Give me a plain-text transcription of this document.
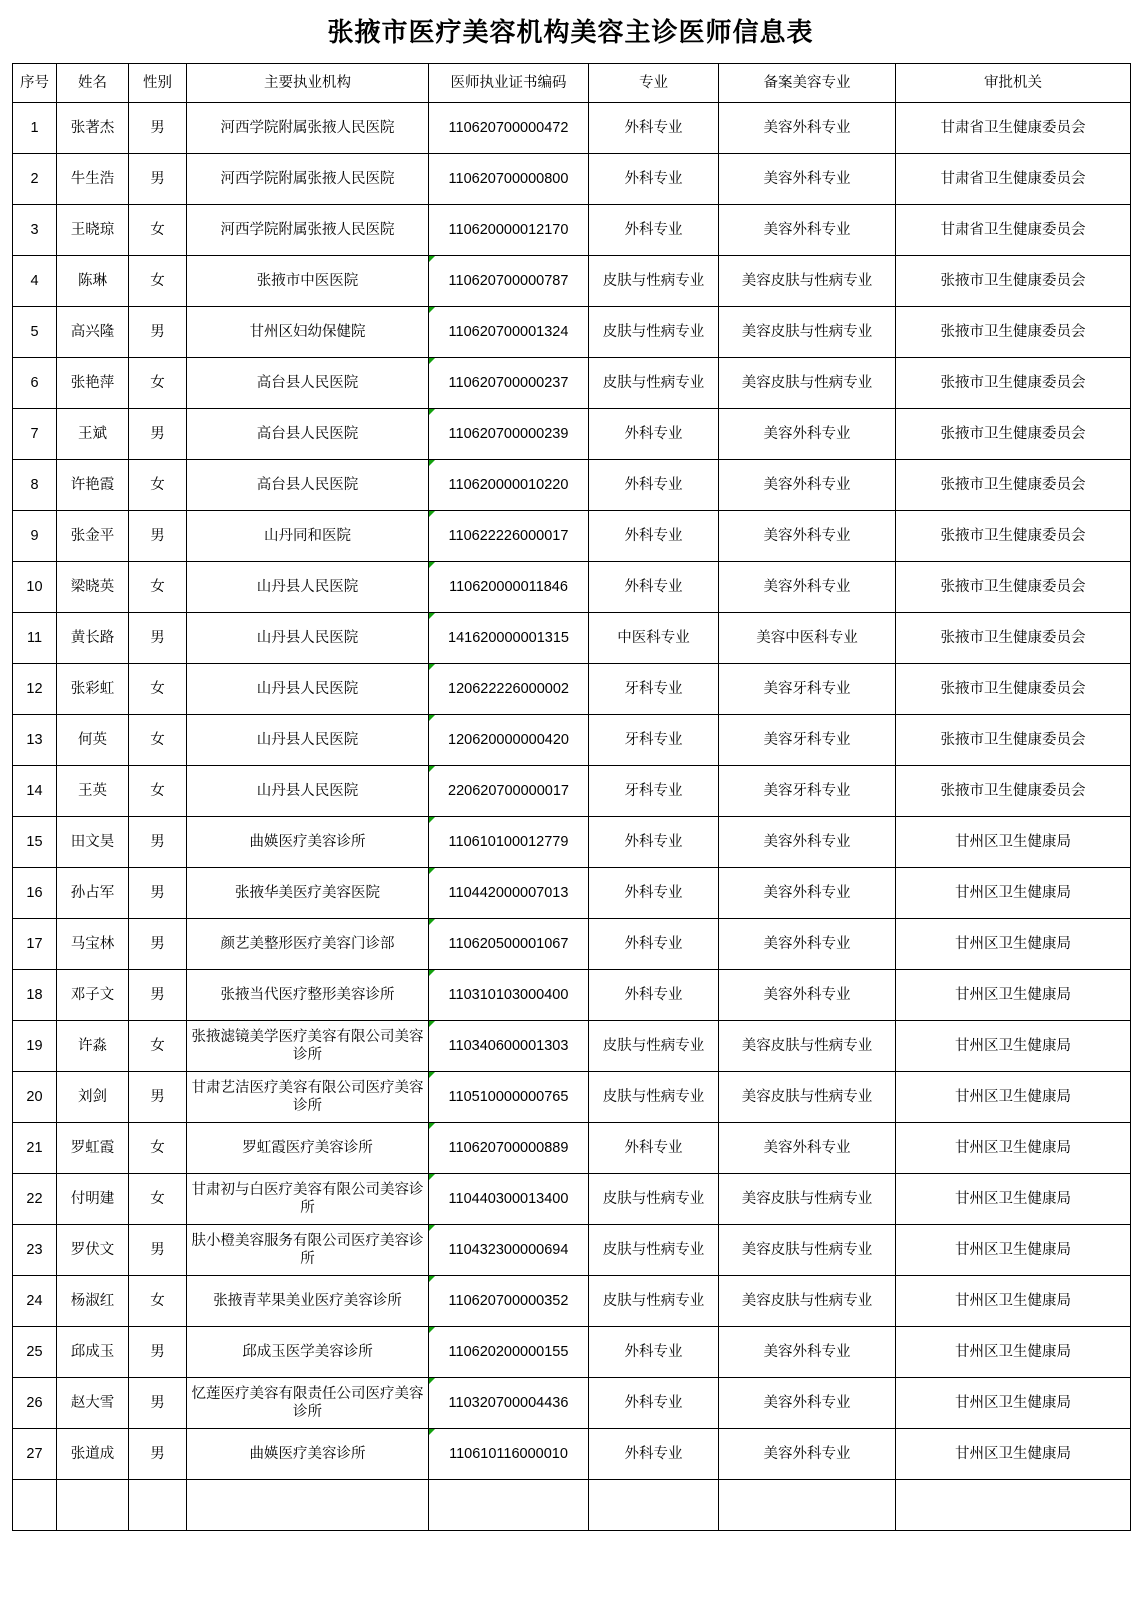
张掖市医疗美容机构美容主诊医师信息表
序号	姓名	性别	主要执业机构	医师执业证书编码	专业	备案美容专业	审批机关
1	张著杰	男	河西学院附属张掖人民医院	110620700000472	外科专业	美容外科专业	甘肃省卫生健康委员会
2	牛生浩	男	河西学院附属张掖人民医院	110620700000800	外科专业	美容外科专业	甘肃省卫生健康委员会
3	王晓琼	女	河西学院附属张掖人民医院	110620000012170	外科专业	美容外科专业	甘肃省卫生健康委员会
4	陈琳	女	张掖市中医医院	110620700000787	皮肤与性病专业	美容皮肤与性病专业	张掖市卫生健康委员会
5	高兴隆	男	甘州区妇幼保健院	110620700001324	皮肤与性病专业	美容皮肤与性病专业	张掖市卫生健康委员会
6	张艳萍	女	高台县人民医院	110620700000237	皮肤与性病专业	美容皮肤与性病专业	张掖市卫生健康委员会
7	王斌	男	高台县人民医院	110620700000239	外科专业	美容外科专业	张掖市卫生健康委员会
8	许艳霞	女	高台县人民医院	110620000010220	外科专业	美容外科专业	张掖市卫生健康委员会
9	张金平	男	山丹同和医院	110622226000017	外科专业	美容外科专业	张掖市卫生健康委员会
10	梁晓英	女	山丹县人民医院	110620000011846	外科专业	美容外科专业	张掖市卫生健康委员会
11	黄长路	男	山丹县人民医院	141620000001315	中医科专业	美容中医科专业	张掖市卫生健康委员会
12	张彩虹	女	山丹县人民医院	120622226000002	牙科专业	美容牙科专业	张掖市卫生健康委员会
13	何英	女	山丹县人民医院	120620000000420	牙科专业	美容牙科专业	张掖市卫生健康委员会
14	王英	女	山丹县人民医院	220620700000017	牙科专业	美容牙科专业	张掖市卫生健康委员会
15	田文昊	男	曲媖医疗美容诊所	110610100012779	外科专业	美容外科专业	甘州区卫生健康局
16	孙占军	男	张掖华美医疗美容医院	110442000007013	外科专业	美容外科专业	甘州区卫生健康局
17	马宝林	男	颜艺美整形医疗美容门诊部	110620500001067	外科专业	美容外科专业	甘州区卫生健康局
18	邓子文	男	张掖当代医疗整形美容诊所	110310103000400	外科专业	美容外科专业	甘州区卫生健康局
19	许淼	女	张掖滤镜美学医疗美容有限公司美容诊所	110340600001303	皮肤与性病专业	美容皮肤与性病专业	甘州区卫生健康局
20	刘剑	男	甘肃艺洁医疗美容有限公司医疗美容诊所	110510000000765	皮肤与性病专业	美容皮肤与性病专业	甘州区卫生健康局
21	罗虹霞	女	罗虹霞医疗美容诊所	110620700000889	外科专业	美容外科专业	甘州区卫生健康局
22	付明建	女	甘肃初与白医疗美容有限公司美容诊所	110440300013400	皮肤与性病专业	美容皮肤与性病专业	甘州区卫生健康局
23	罗伏文	男	肤小橙美容服务有限公司医疗美容诊所	110432300000694	皮肤与性病专业	美容皮肤与性病专业	甘州区卫生健康局
24	杨淑红	女	张掖青苹果美业医疗美容诊所	110620700000352	皮肤与性病专业	美容皮肤与性病专业	甘州区卫生健康局
25	邱成玉	男	邱成玉医学美容诊所	110620200000155	外科专业	美容外科专业	甘州区卫生健康局
26	赵大雪	男	忆莲医疗美容有限责任公司医疗美容诊所	110320700004436	外科专业	美容外科专业	甘州区卫生健康局
27	张道成	男	曲媖医疗美容诊所	110610116000010	外科专业	美容外科专业	甘州区卫生健康局
